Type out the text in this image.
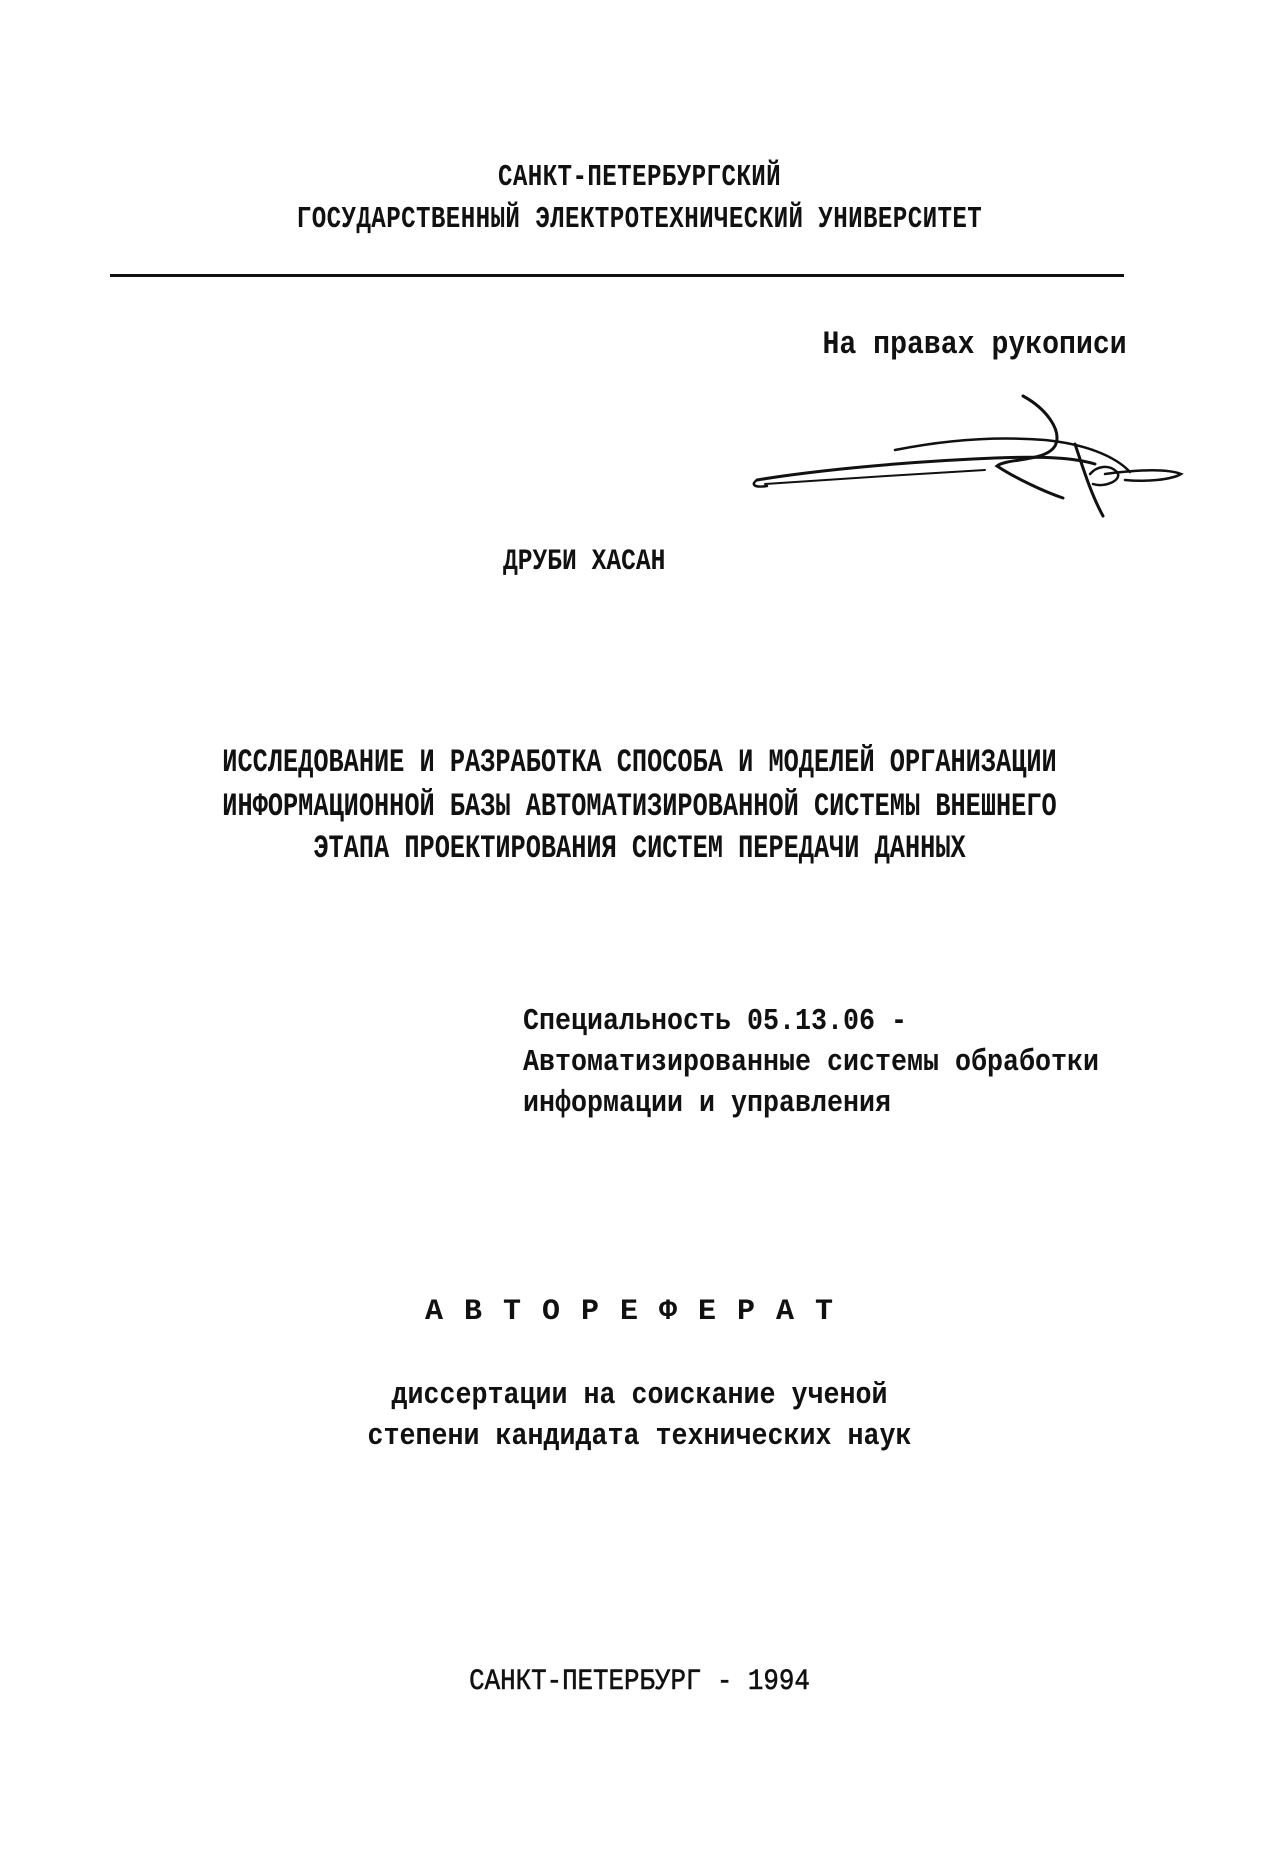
САНКТ-ПЕТЕРБУРГСКИЙ
ГОСУДАРСТВЕННЫЙ ЭЛЕКТРОТЕХНИЧЕСКИЙ УНИВЕРСИТЕТ
На правах рукописи
ДРУБИ ХАСАН
ИССЛЕДОВАНИЕ И РАЗРАБОТКА СПОСОБА И МОДЕЛЕЙ ОРГАНИЗАЦИИ
ИНФОРМАЦИОННОЙ БАЗЫ АВТОМАТИЗИРОВАННОЙ СИСТЕМЫ ВНЕШНЕГО
ЭТАПА ПРОЕКТИРОВАНИЯ СИСТЕМ ПЕРЕДАЧИ ДАННЫХ
Специальность 05.13.06 -
Автоматизированные системы обработки
информации и управления
АВТОРЕФЕРАТ
диссертации на соискание ученой
степени кандидата технических наук
САНКТ-ПЕТЕРБУРГ - 1994
